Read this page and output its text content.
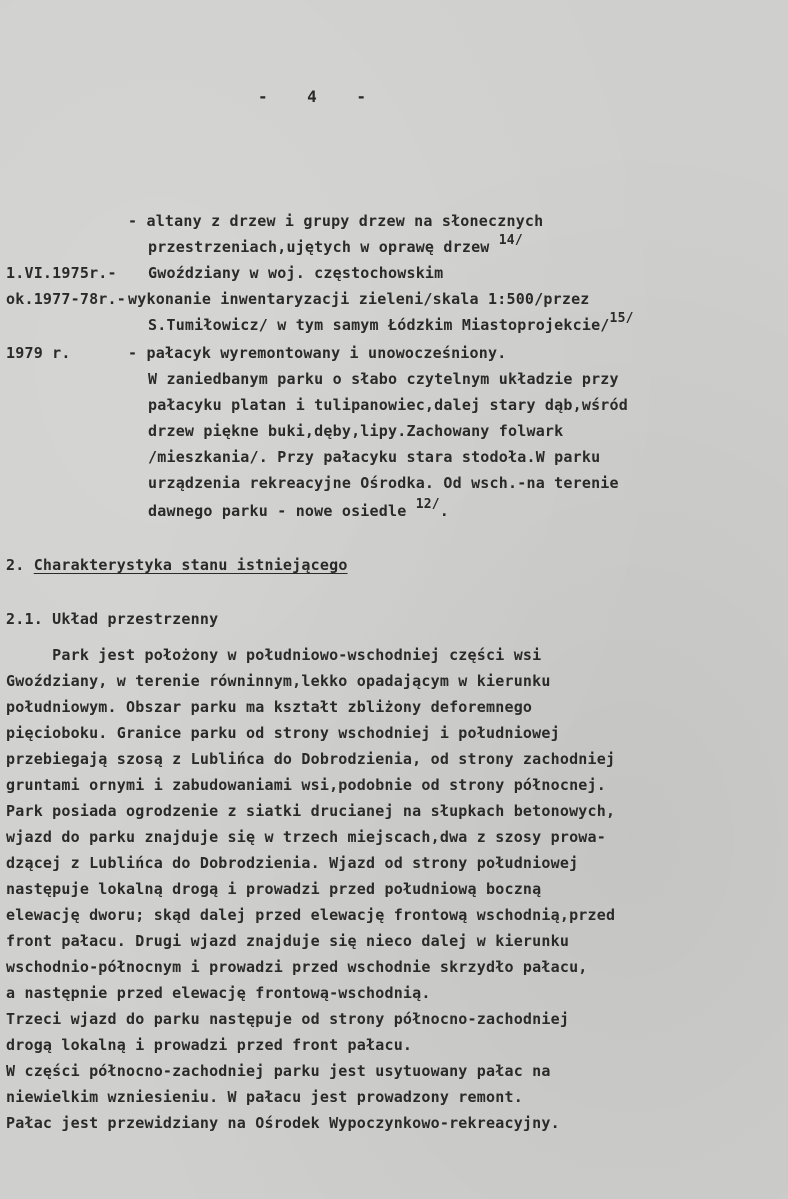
-    4    -
- altany z drzew i grupy drzew na słonecznych
przestrzeniach,ujętych w oprawę drzew 14/
1.VI.1975r.- Gwoździany w woj. częstochowskim
ok.1977-78r.- wykonanie inwentaryzacji zieleni/skala 1:500/przez
S.Tumiłowicz/ w tym samym Łódzkim Miastoprojekcie/15/
1979 r.	- pałacyk wyremontowany i unowocześniony.
W zaniedbanym parku o słabo czytelnym układzie przy
pałacyku platan i tulipanowiec,dalej stary dąb,wśród
drzew piękne buki,dęby,lipy.Zachowany folwark
/mieszkania/. Przy pałacyku stara stodoła.W parku
urządzenia rekreacyjne Ośrodka. Od wsch.-na terenie
dawnego parku - nowe osiedle 12/.
2. Charakterystyka stanu istniejącego
2.1. Układ przestrzenny
Park jest położony w południowo-wschodniej części wsi
Gwoździany, w terenie równinnym,lekko opadającym w kierunku
południowym. Obszar parku ma kształt zbliżony deforemnego
pięcioboku. Granice parku od strony wschodniej i południowej
przebiegają szosą z Lublińca do Dobrodzienia, od strony zachodniej
gruntami ornymi i zabudowaniami wsi,podobnie od strony północnej.
Park posiada ogrodzenie z siatki drucianej na słupkach betonowych,
wjazd do parku znajduje się w trzech miejscach,dwa z szosy prowa-
dzącej z Lublińca do Dobrodzienia. Wjazd od strony południowej
następuje lokalną drogą i prowadzi przed południową boczną
elewację dworu; skąd dalej przed elewację frontową wschodnią,przed
front pałacu. Drugi wjazd znajduje się nieco dalej w kierunku
wschodnio-północnym i prowadzi przed wschodnie skrzydło pałacu,
a następnie przed elewację frontową-wschodnią.
Trzeci wjazd do parku następuje od strony północno-zachodniej
drogą lokalną i prowadzi przed front pałacu.
W części północno-zachodniej parku jest usytuowany pałac na
niewielkim wzniesieniu. W pałacu jest prowadzony remont.
Pałac jest przewidziany na Ośrodek Wypoczynkowo-rekreacyjny.
